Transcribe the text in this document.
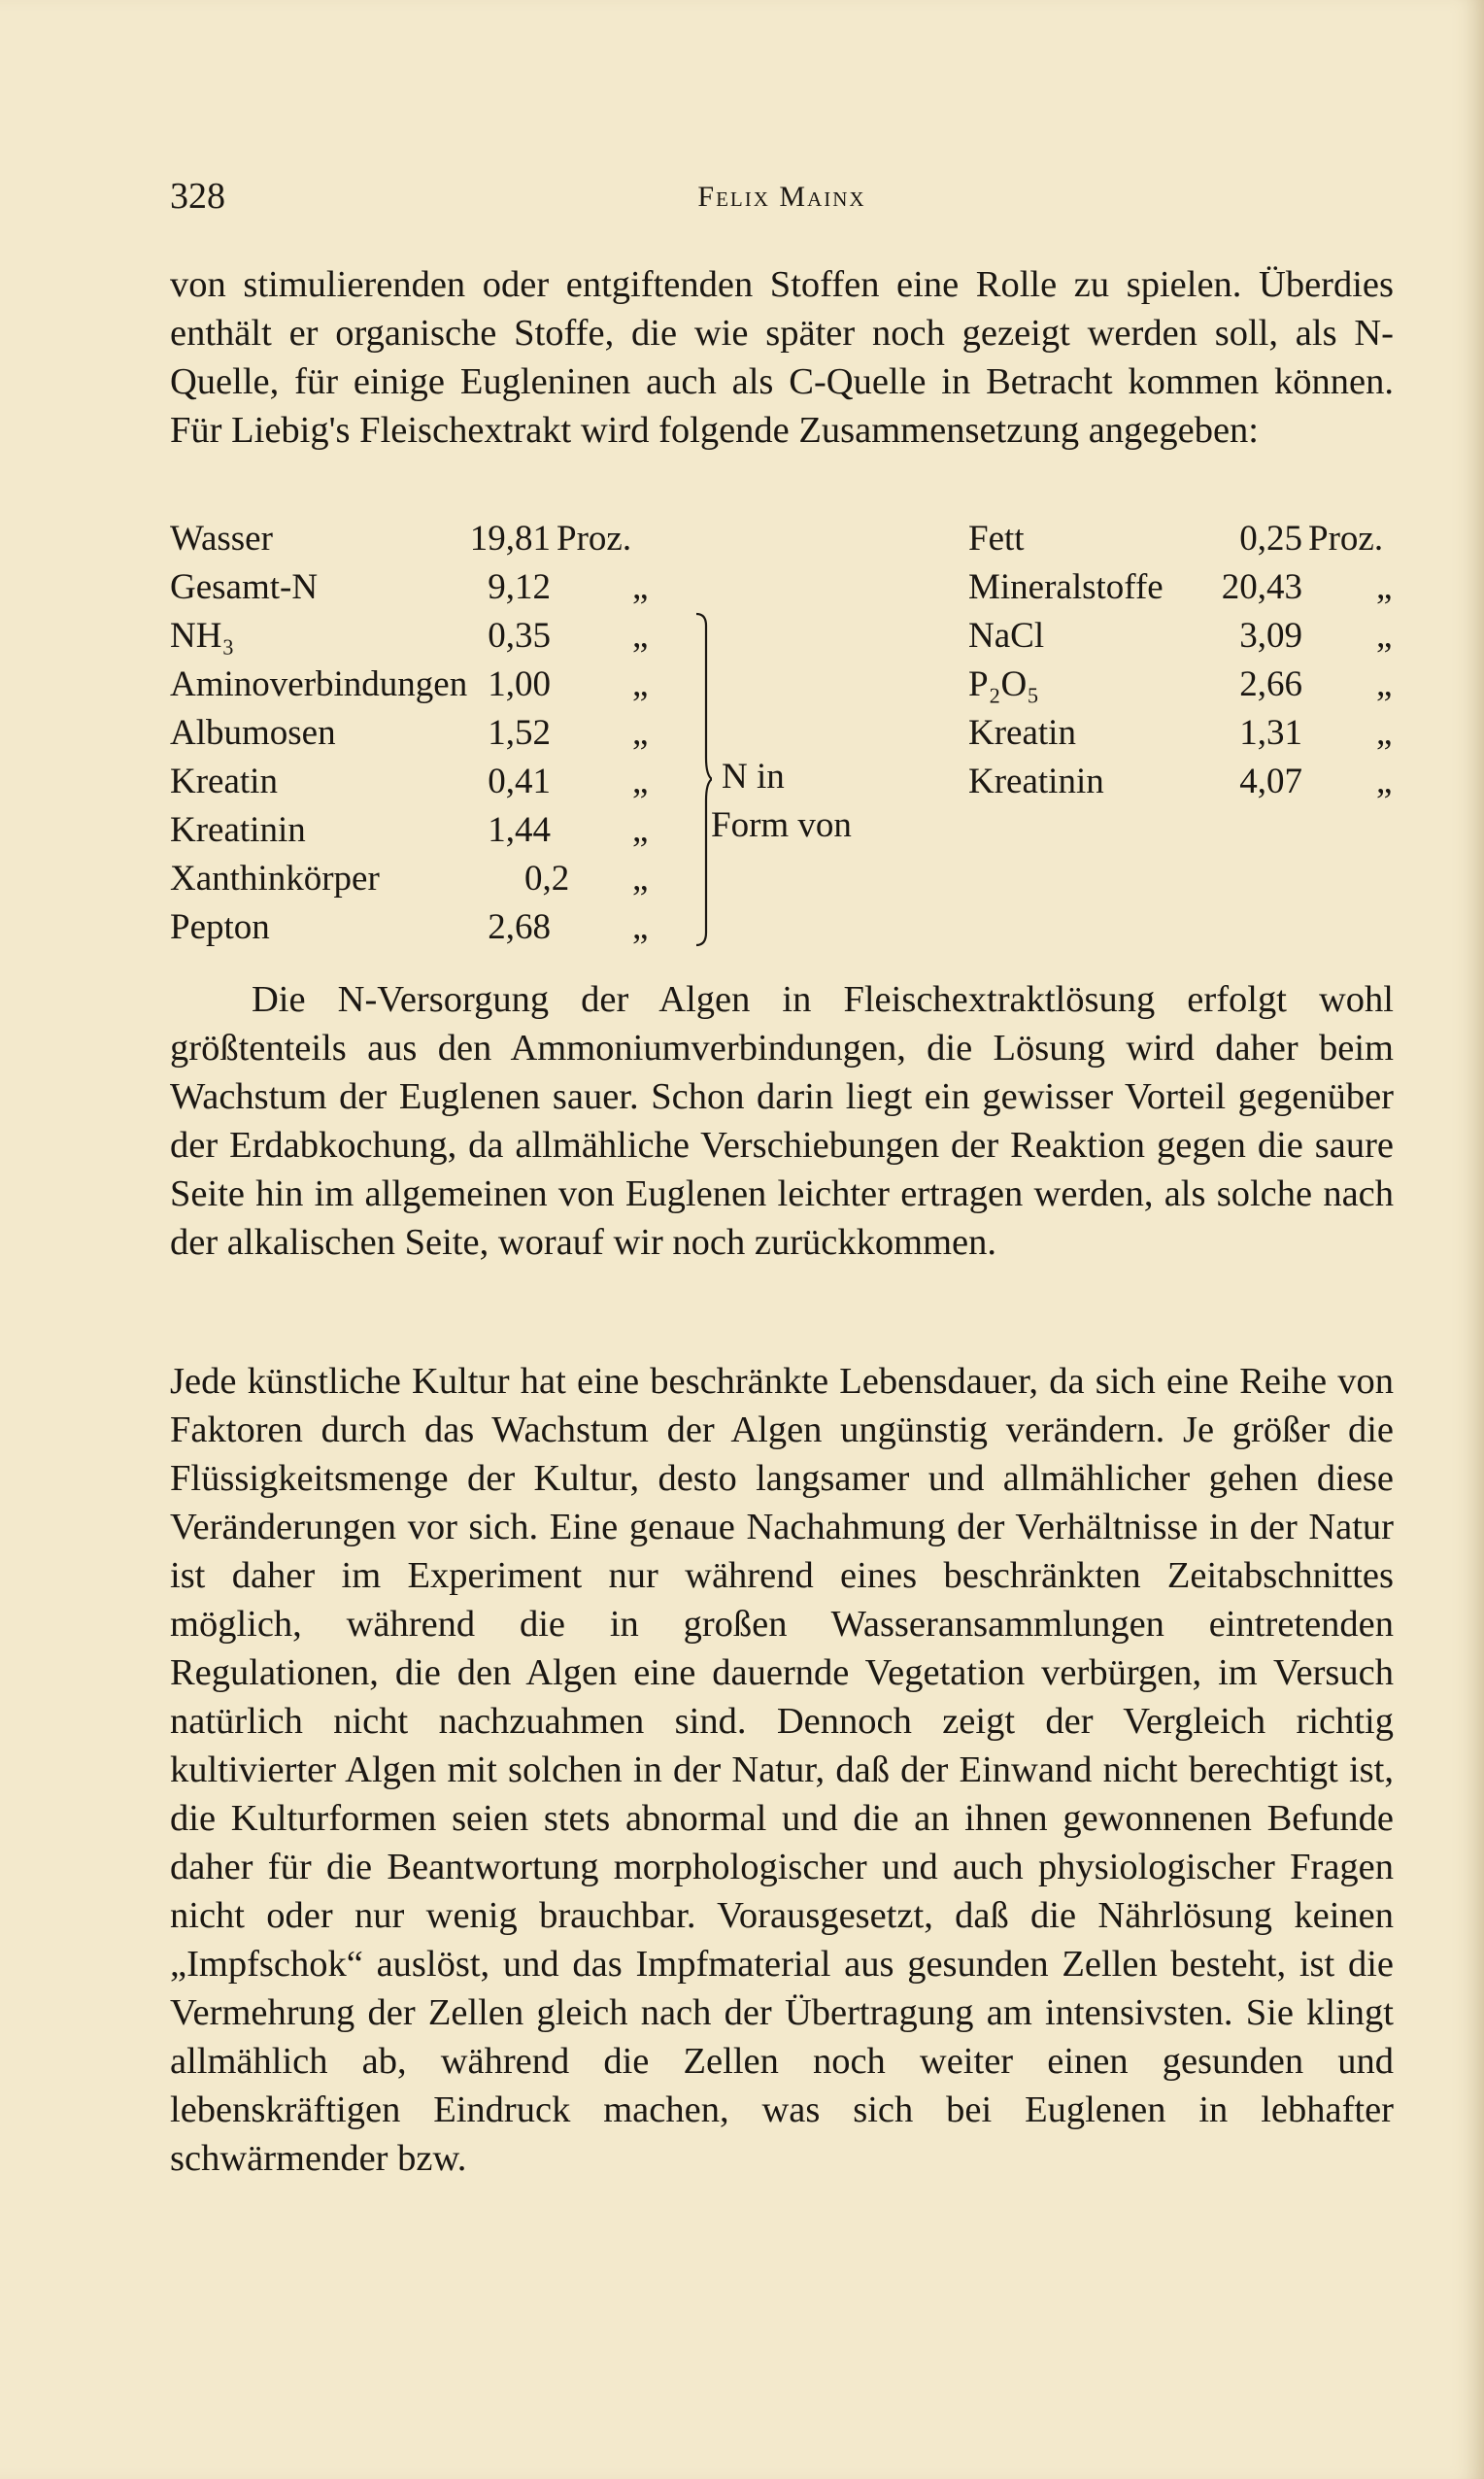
328	Felix Mainx

von stimulierenden oder entgiftenden Stoffen eine Rolle zu spielen. Überdies enthält er organische Stoffe, die wie später noch gezeigt werden soll, als N-Quelle, für einige Eugleninen auch als C-Quelle in Betracht kommen können. Für Liebig's Fleischextrakt wird folgende Zusammensetzung angegeben:

Wasser	19,81 Proz.
Gesamt-N	9,12 „
NH₃	0,35 „
Aminoverbindungen 1,00 „
Albumosen	1,52 „
Kreatin	0,41 „
Kreatinin	1,44 „
Xanthinkörper	0,2 „
Pepton	2,68 „
N in
Form von
Fett	0,25 Proz.
Mineralstoffe 20,43 „
NaCl	3,09 „
P₂O₅	2,66 „
Kreatin	1,31 „
Kreatinin	4,07 „

Die N-Versorgung der Algen in Fleischextraktlösung erfolgt wohl größtenteils aus den Ammoniumverbindungen, die Lösung wird daher beim Wachstum der Euglenen sauer. Schon darin liegt ein gewisser Vorteil gegenüber der Erdabkochung, da allmähliche Verschiebungen der Reaktion gegen die saure Seite hin im allgemeinen von Euglenen leichter ertragen werden, als solche nach der alkalischen Seite, worauf wir noch zurückkommen.

Jede künstliche Kultur hat eine beschränkte Lebensdauer, da sich eine Reihe von Faktoren durch das Wachstum der Algen ungünstig verändern. Je größer die Flüssigkeitsmenge der Kultur, desto langsamer und allmählicher gehen diese Veränderungen vor sich. Eine genaue Nachahmung der Verhältnisse in der Natur ist daher im Experiment nur während eines beschränkten Zeitabschnittes möglich, während die in großen Wasseransammlungen eintretenden Regulationen, die den Algen eine dauernde Vegetation verbürgen, im Versuch natürlich nicht nachzuahmen sind. Dennoch zeigt der Vergleich richtig kultivierter Algen mit solchen in der Natur, daß der Einwand nicht berechtigt ist, die Kulturformen seien stets abnormal und die an ihnen gewonnenen Befunde daher für die Beantwortung morphologischer und auch physiologischer Fragen nicht oder nur wenig brauchbar. Vorausgesetzt, daß die Nährlösung keinen „Impfschok“ auslöst, und das Impfmaterial aus gesunden Zellen besteht, ist die Vermehrung der Zellen gleich nach der Übertragung am intensivsten. Sie klingt allmählich ab, während die Zellen noch weiter einen gesunden und lebenskräftigen Eindruck machen, was sich bei Euglenen in lebhafter schwärmender bzw.
